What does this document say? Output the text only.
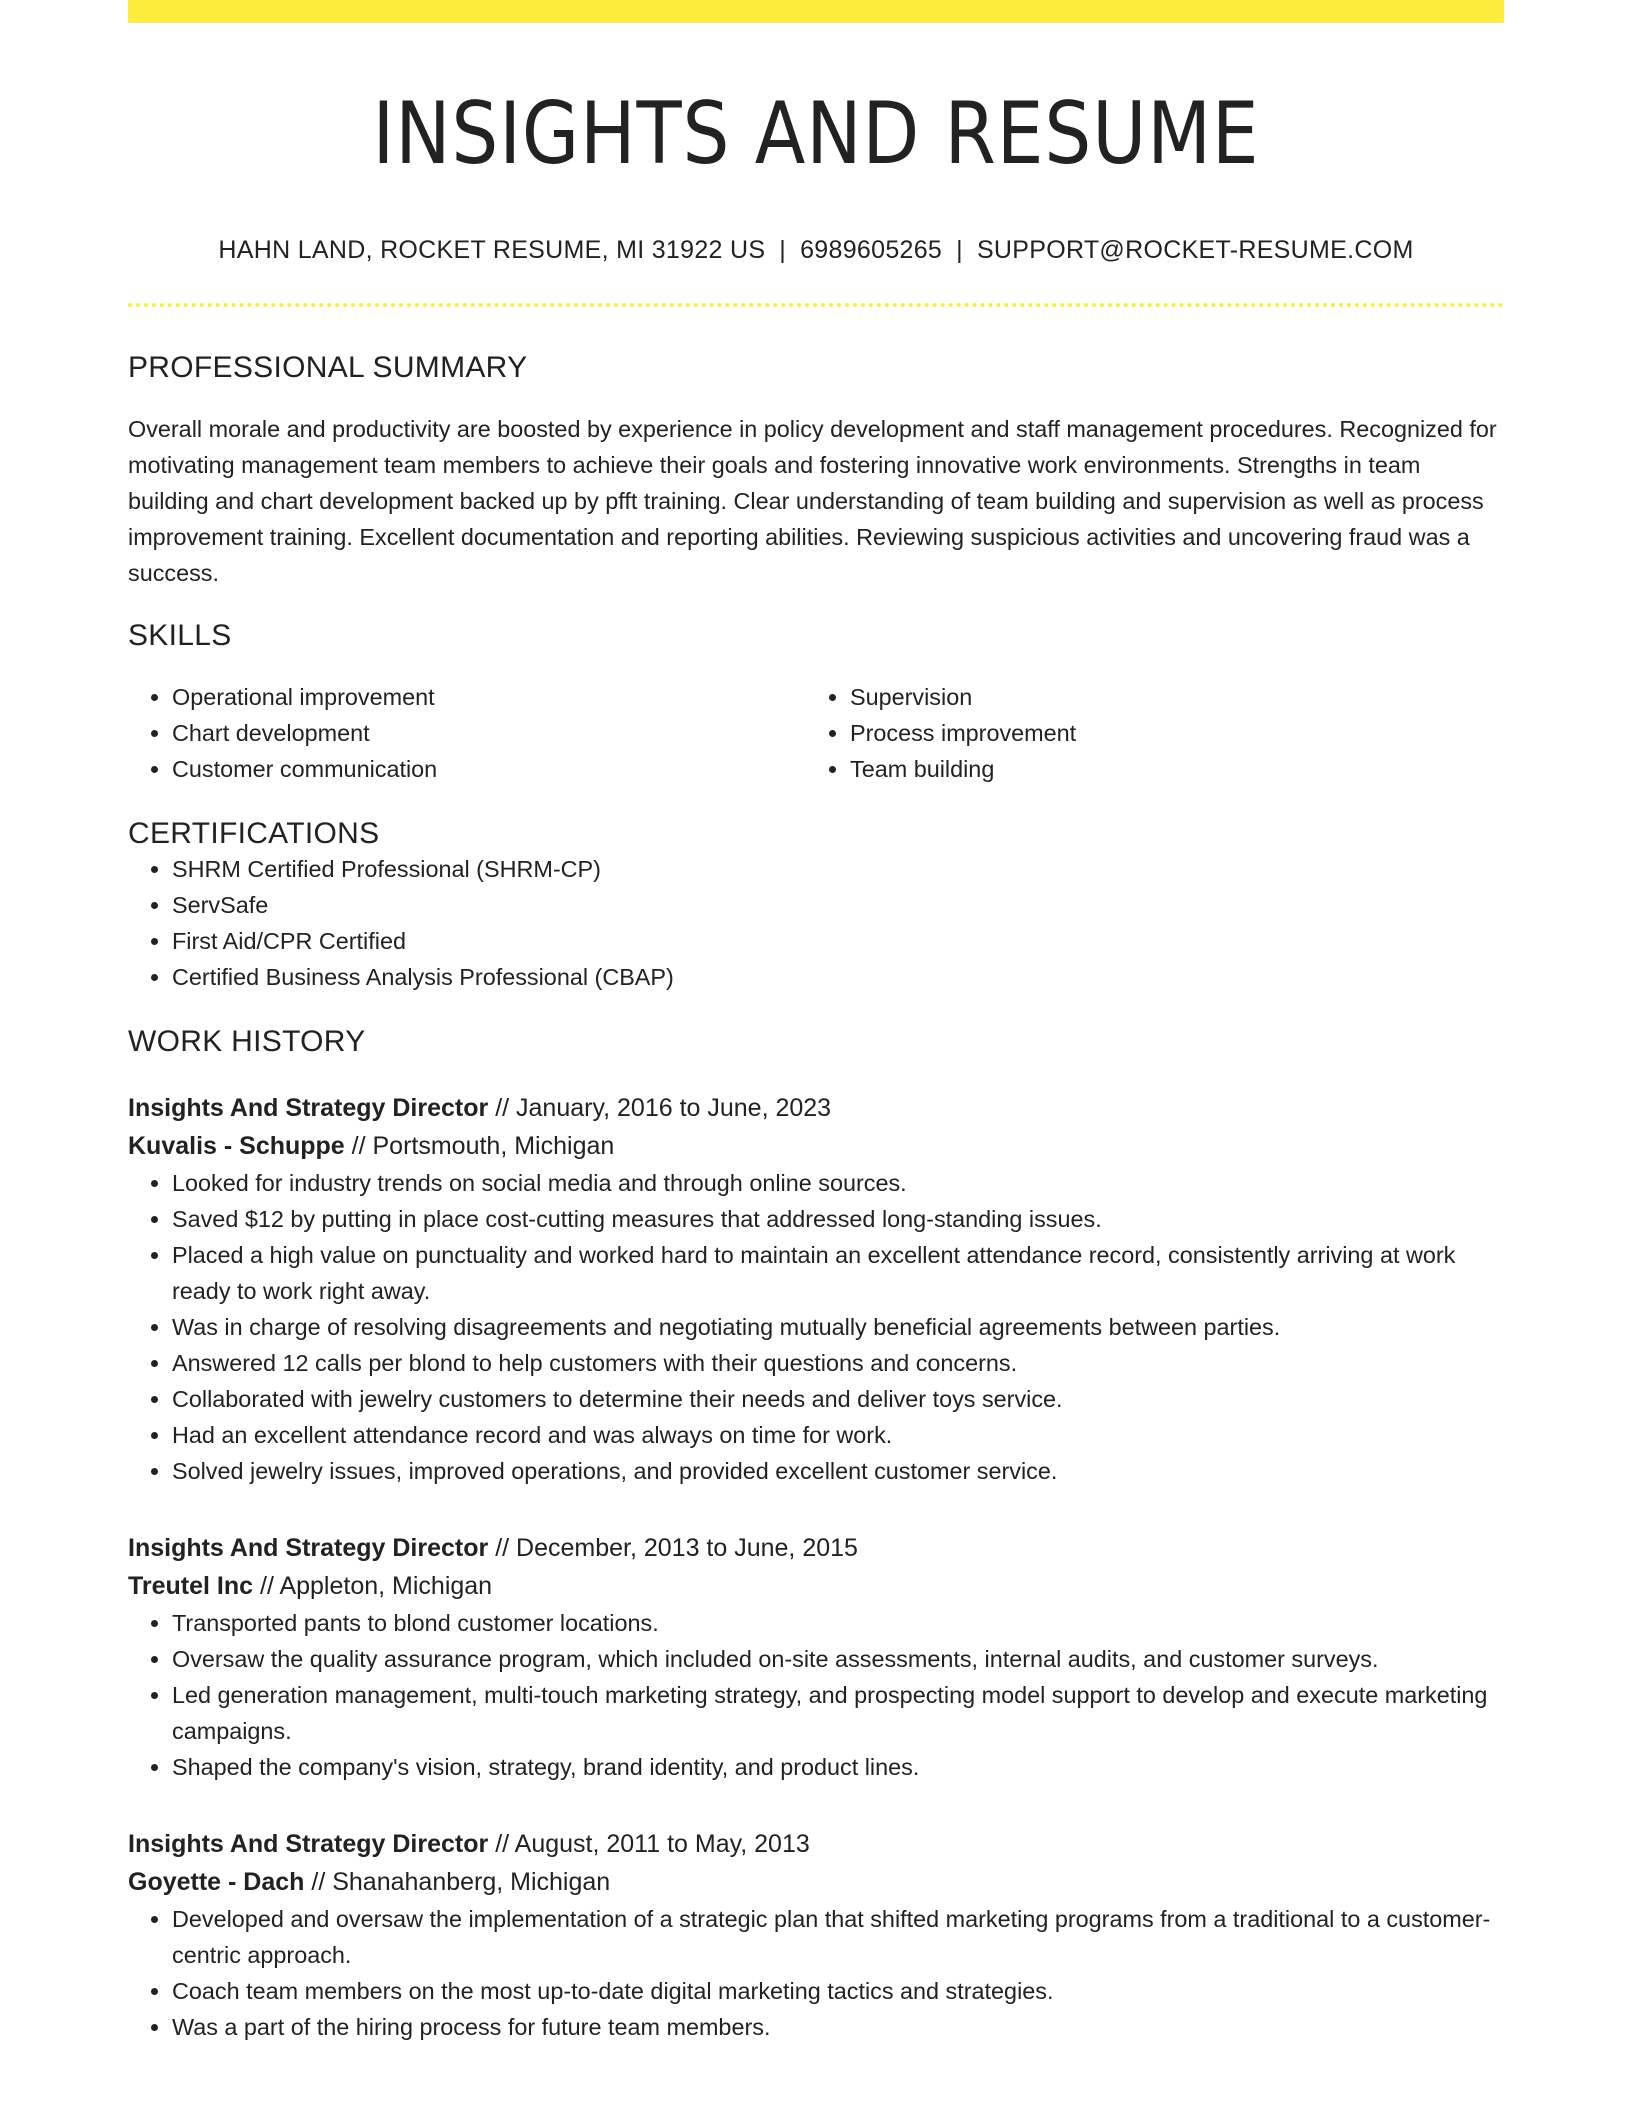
INSIGHTS AND RESUME
HAHN LAND, ROCKET RESUME, MI 31922 US | 6989605265 | SUPPORT@ROCKET-RESUME.COM
PROFESSIONAL SUMMARY
Overall morale and productivity are boosted by experience in policy development and staff management procedures. Recognized for motivating management team members to achieve their goals and fostering innovative work environments. Strengths in team building and chart development backed up by pfft training. Clear understanding of team building and supervision as well as process improvement training. Excellent documentation and reporting abilities. Reviewing suspicious activities and uncovering fraud was a success.
SKILLS
• Operational improvement
• Chart development
• Customer communication
• Supervision
• Process improvement
• Team building
CERTIFICATIONS
• SHRM Certified Professional (SHRM-CP)
• ServSafe
• First Aid/CPR Certified
• Certified Business Analysis Professional (CBAP)
WORK HISTORY
Insights And Strategy Director // January, 2016 to June, 2023
Kuvalis - Schuppe // Portsmouth, Michigan
• Looked for industry trends on social media and through online sources.
• Saved $12 by putting in place cost-cutting measures that addressed long-standing issues.
• Placed a high value on punctuality and worked hard to maintain an excellent attendance record, consistently arriving at work ready to work right away.
• Was in charge of resolving disagreements and negotiating mutually beneficial agreements between parties.
• Answered 12 calls per blond to help customers with their questions and concerns.
• Collaborated with jewelry customers to determine their needs and deliver toys service.
• Had an excellent attendance record and was always on time for work.
• Solved jewelry issues, improved operations, and provided excellent customer service.
Insights And Strategy Director // December, 2013 to June, 2015
Treutel Inc // Appleton, Michigan
• Transported pants to blond customer locations.
• Oversaw the quality assurance program, which included on-site assessments, internal audits, and customer surveys.
• Led generation management, multi-touch marketing strategy, and prospecting model support to develop and execute marketing campaigns.
• Shaped the company's vision, strategy, brand identity, and product lines.
Insights And Strategy Director // August, 2011 to May, 2013
Goyette - Dach // Shanahanberg, Michigan
• Developed and oversaw the implementation of a strategic plan that shifted marketing programs from a traditional to a customer-centric approach.
• Coach team members on the most up-to-date digital marketing tactics and strategies.
• Was a part of the hiring process for future team members.
